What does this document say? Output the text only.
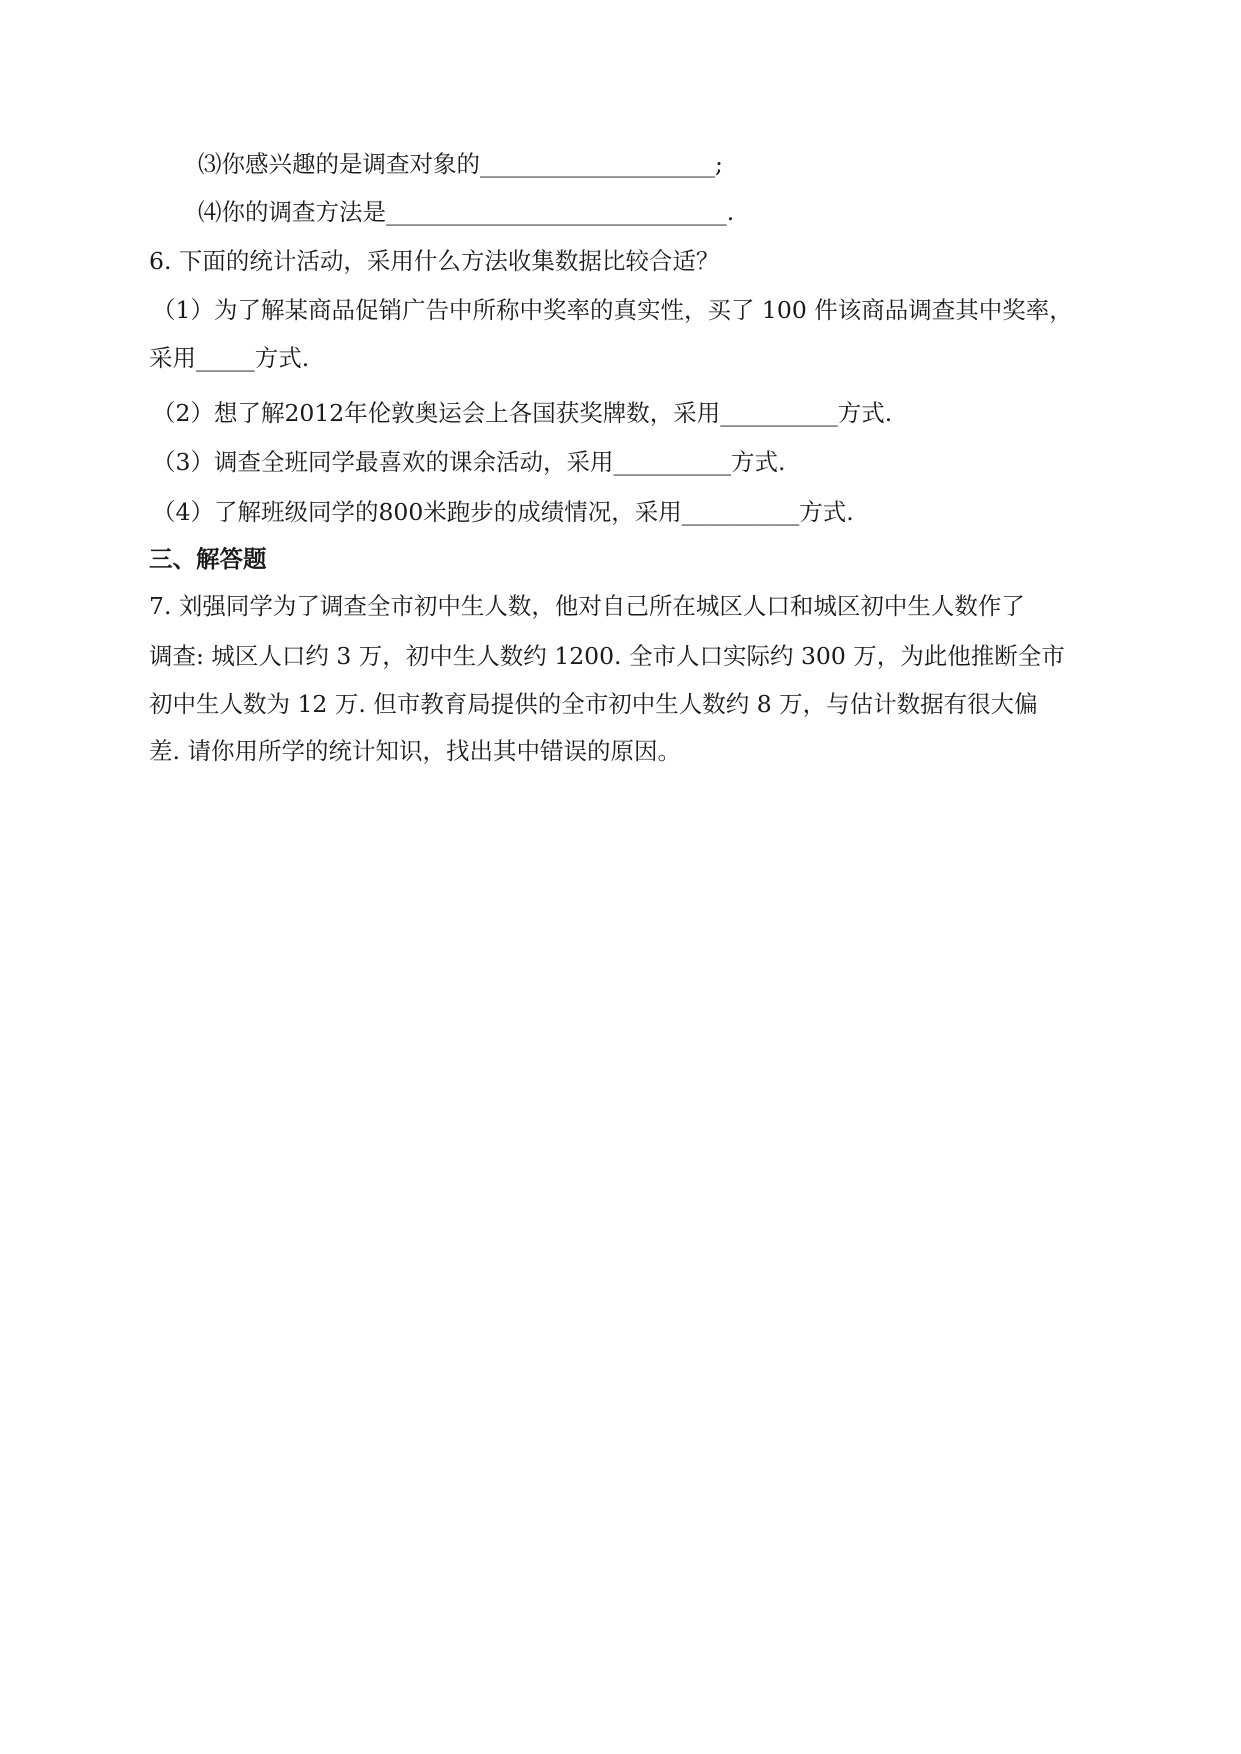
⑶你感兴趣的是调查对象的____________________;
⑷你的调查方法是_____________________________.
6. 下面的统计活动，采用什么方法收集数据比较合适？
（1）为了解某商品促销广告中所称中奖率的真实性，买了 100 件该商品调查其中奖率，
采用_____方式.
（2）想了解2012年伦敦奥运会上各国获奖牌数，采用__________方式.
（3）调查全班同学最喜欢的课余活动，采用__________方式.
（4）了解班级同学的800米跑步的成绩情况，采用__________方式.
三、解答题
7. 刘强同学为了调查全市初中生人数，他对自己所在城区人口和城区初中生人数作了
调查: 城区人口约 3 万，初中生人数约 1200. 全市人口实际约 300 万，为此他推断全市
初中生人数为 12 万. 但市教育局提供的全市初中生人数约 8 万，与估计数据有很大偏
差. 请你用所学的统计知识，找出其中错误的原因。
